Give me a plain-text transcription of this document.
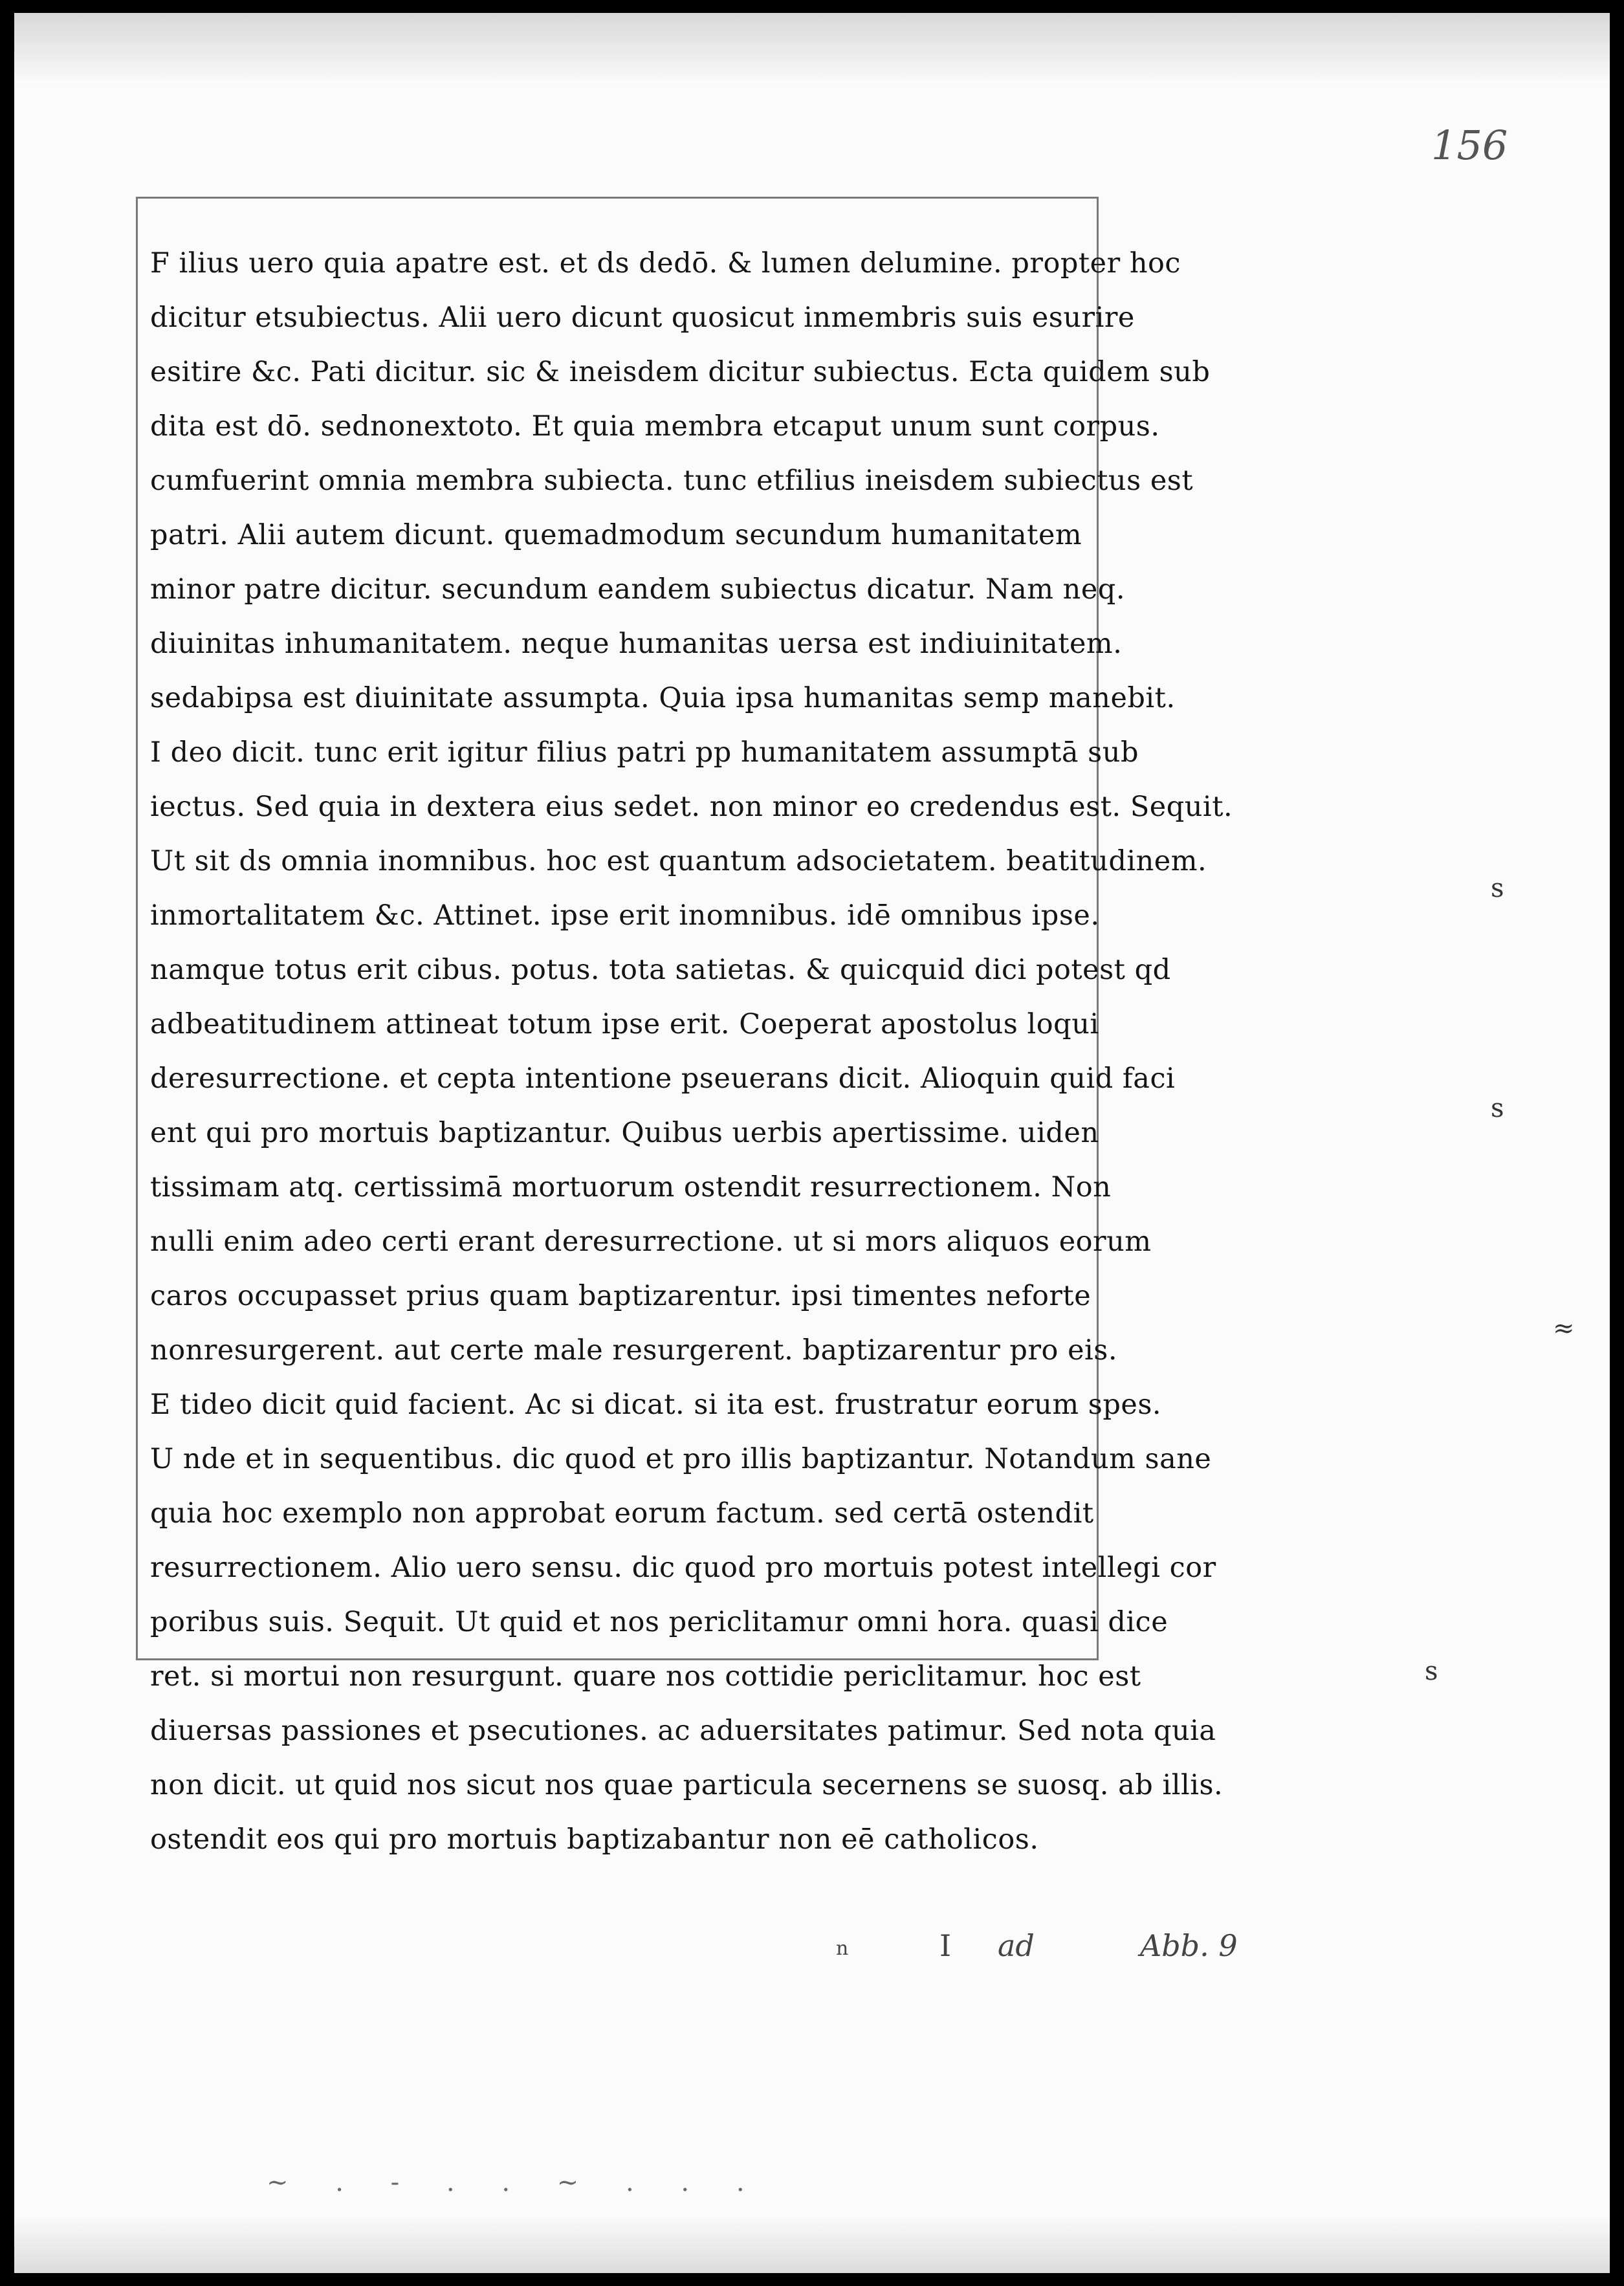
156
F ilius uero quia apatre est. et ds dedō. & lumen delumine. propter hoc
dicitur etsubiectus. Alii uero dicunt quosicut inmembris suis esurire
esitire &c. Pati dicitur. sic & ineisdem dicitur subiectus. Ecta quidem sub
dita est dō. sednonextoto. Et quia membra etcaput unum sunt corpus.
cumfuerint omnia membra subiecta. tunc etfilius ineisdem subiectus est
patri. Alii autem dicunt. quemadmodum secundum humanitatem
minor patre dicitur. secundum eandem subiectus dicatur. Nam neq.
diuinitas inhumanitatem. neque humanitas uersa est indiuinitatem.
sedabipsa est diuinitate assumpta. Quia ipsa humanitas semp manebit.
I deo dicit. tunc erit igitur filius patri pp humanitatem assumptā sub
iectus. Sed quia in dextera eius sedet. non minor eo credendus est. Sequit.
Ut sit ds omnia inomnibus. hoc est quantum adsocietatem. beatitudinem.
inmortalitatem &c. Attinet. ipse erit inomnibus. idē omnibus ipse.
namque totus erit cibus. potus. tota satietas. & quicquid dici potest qd
adbeatitudinem attineat totum ipse erit. Coeperat apostolus loqui
deresurrectione. et cepta intentione pseuerans dicit. Alioquin quid faci
ent qui pro mortuis baptizantur. Quibus uerbis apertissime. uiden
tissimam atq. certissimā mortuorum ostendit resurrectionem. Non
nulli enim adeo certi erant deresurrectione. ut si mors aliquos eorum
caros occupasset prius quam baptizarentur. ipsi timentes neforte
nonresurgerent. aut certe male resurgerent. baptizarentur pro eis.
E tideo dicit quid facient. Ac si dicat. si ita est. frustratur eorum spes.
U nde et in sequentibus. dic quod et pro illis baptizantur. Notandum sane
quia hoc exemplo non approbat eorum factum. sed certā ostendit
resurrectionem. Alio uero sensu. dic quod pro mortuis potest intellegi cor
poribus suis. Sequit. Ut quid et nos periclitamur omni hora. quasi dice
ret. si mortui non resurgunt. quare nos cottidie periclitamur. hoc est
diuersas passiones et psecutiones. ac aduersitates patimur. Sed nota quia
non dicit. ut quid nos sicut nos quae particula secernens se suosq. ab illis.
ostendit eos qui pro mortuis baptizabantur non eē catholicos.
s
s
≈
s
n	I ad	Abb. 9
~ . - . . ~ . . .
